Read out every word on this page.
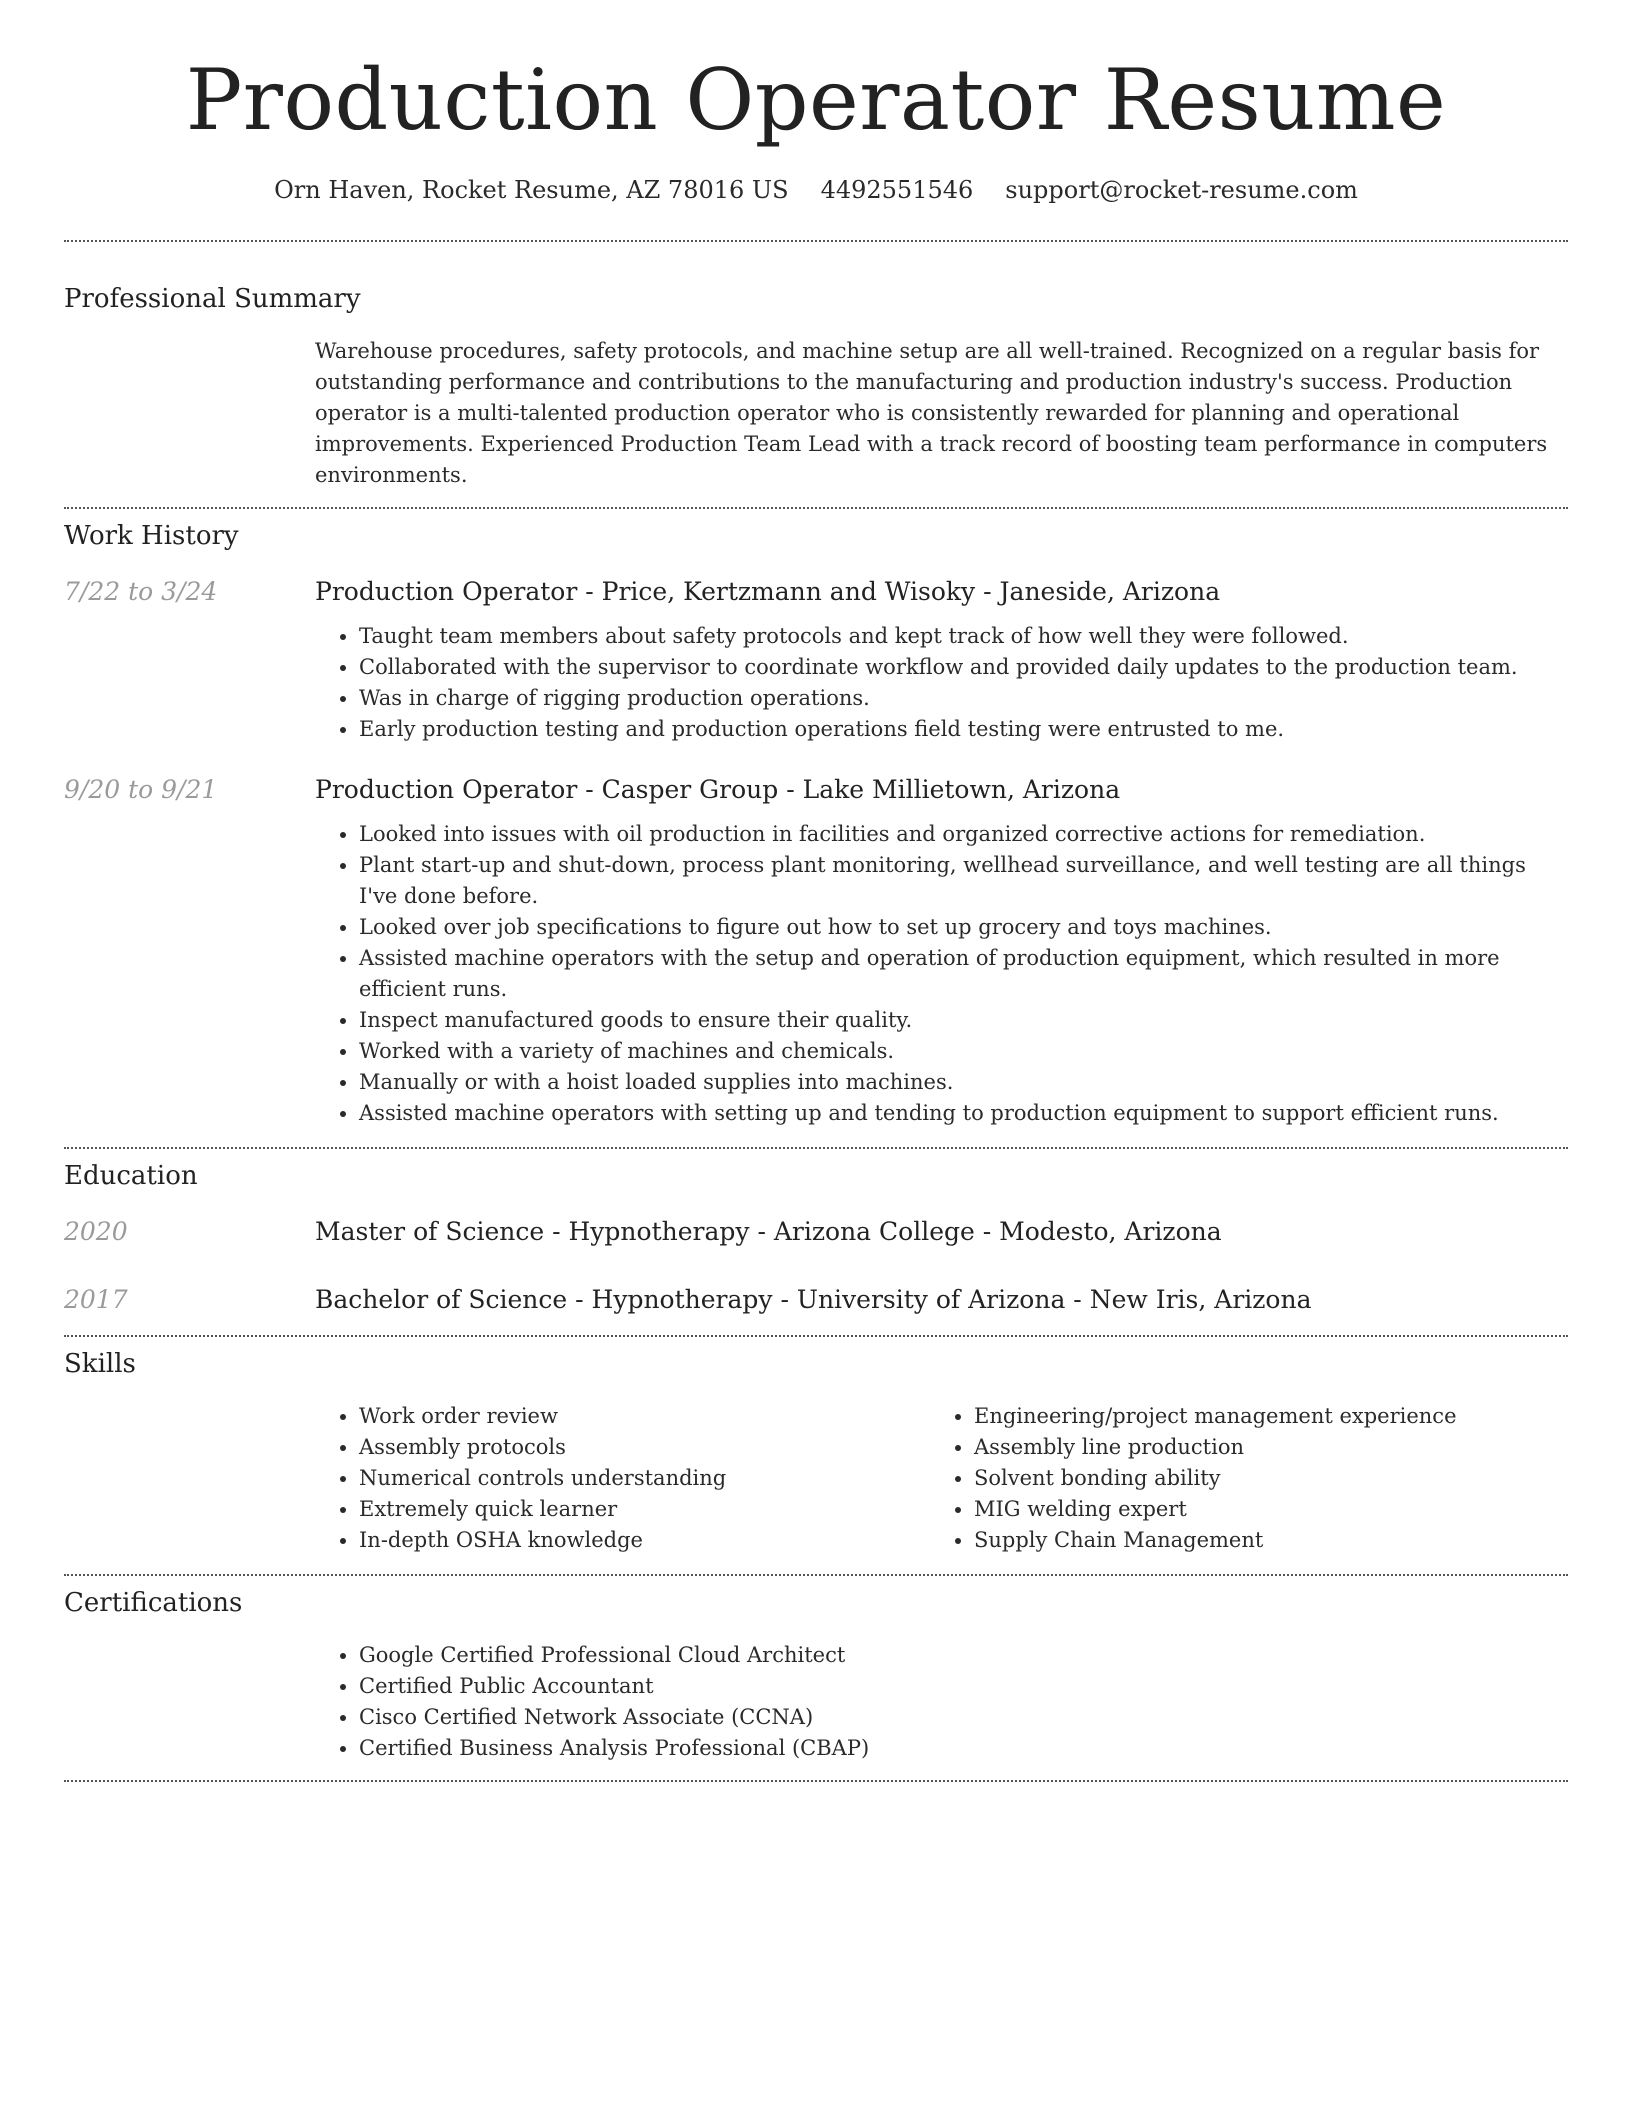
Production Operator Resume
Orn Haven, Rocket Resume, AZ 78016 US 4492551546 support@rocket-resume.com
Professional Summary
Warehouse procedures, safety protocols, and machine setup are all well-trained. Recognized on a regular basis for outstanding performance and contributions to the manufacturing and production industry's success. Production operator is a multi-talented production operator who is consistently rewarded for planning and operational improvements. Experienced Production Team Lead with a track record of boosting team performance in computers environments.
Work History
7/22 to 3/24	Production Operator - Price, Kertzmann and Wisoky - Janeside, Arizona
• Taught team members about safety protocols and kept track of how well they were followed.
• Collaborated with the supervisor to coordinate workflow and provided daily updates to the production team.
• Was in charge of rigging production operations.
• Early production testing and production operations field testing were entrusted to me.
9/20 to 9/21	Production Operator - Casper Group - Lake Millietown, Arizona
• Looked into issues with oil production in facilities and organized corrective actions for remediation.
• Plant start-up and shut-down, process plant monitoring, wellhead surveillance, and well testing are all things I've done before.
• Looked over job specifications to figure out how to set up grocery and toys machines.
• Assisted machine operators with the setup and operation of production equipment, which resulted in more efficient runs.
• Inspect manufactured goods to ensure their quality.
• Worked with a variety of machines and chemicals.
• Manually or with a hoist loaded supplies into machines.
• Assisted machine operators with setting up and tending to production equipment to support efficient runs.
Education
2020	Master of Science - Hypnotherapy - Arizona College - Modesto, Arizona
2017	Bachelor of Science - Hypnotherapy - University of Arizona - New Iris, Arizona
Skills
• Work order review
• Assembly protocols
• Numerical controls understanding
• Extremely quick learner
• In-depth OSHA knowledge
• Engineering/project management experience
• Assembly line production
• Solvent bonding ability
• MIG welding expert
• Supply Chain Management
Certifications
• Google Certified Professional Cloud Architect
• Certified Public Accountant
• Cisco Certified Network Associate (CCNA)
• Certified Business Analysis Professional (CBAP)
